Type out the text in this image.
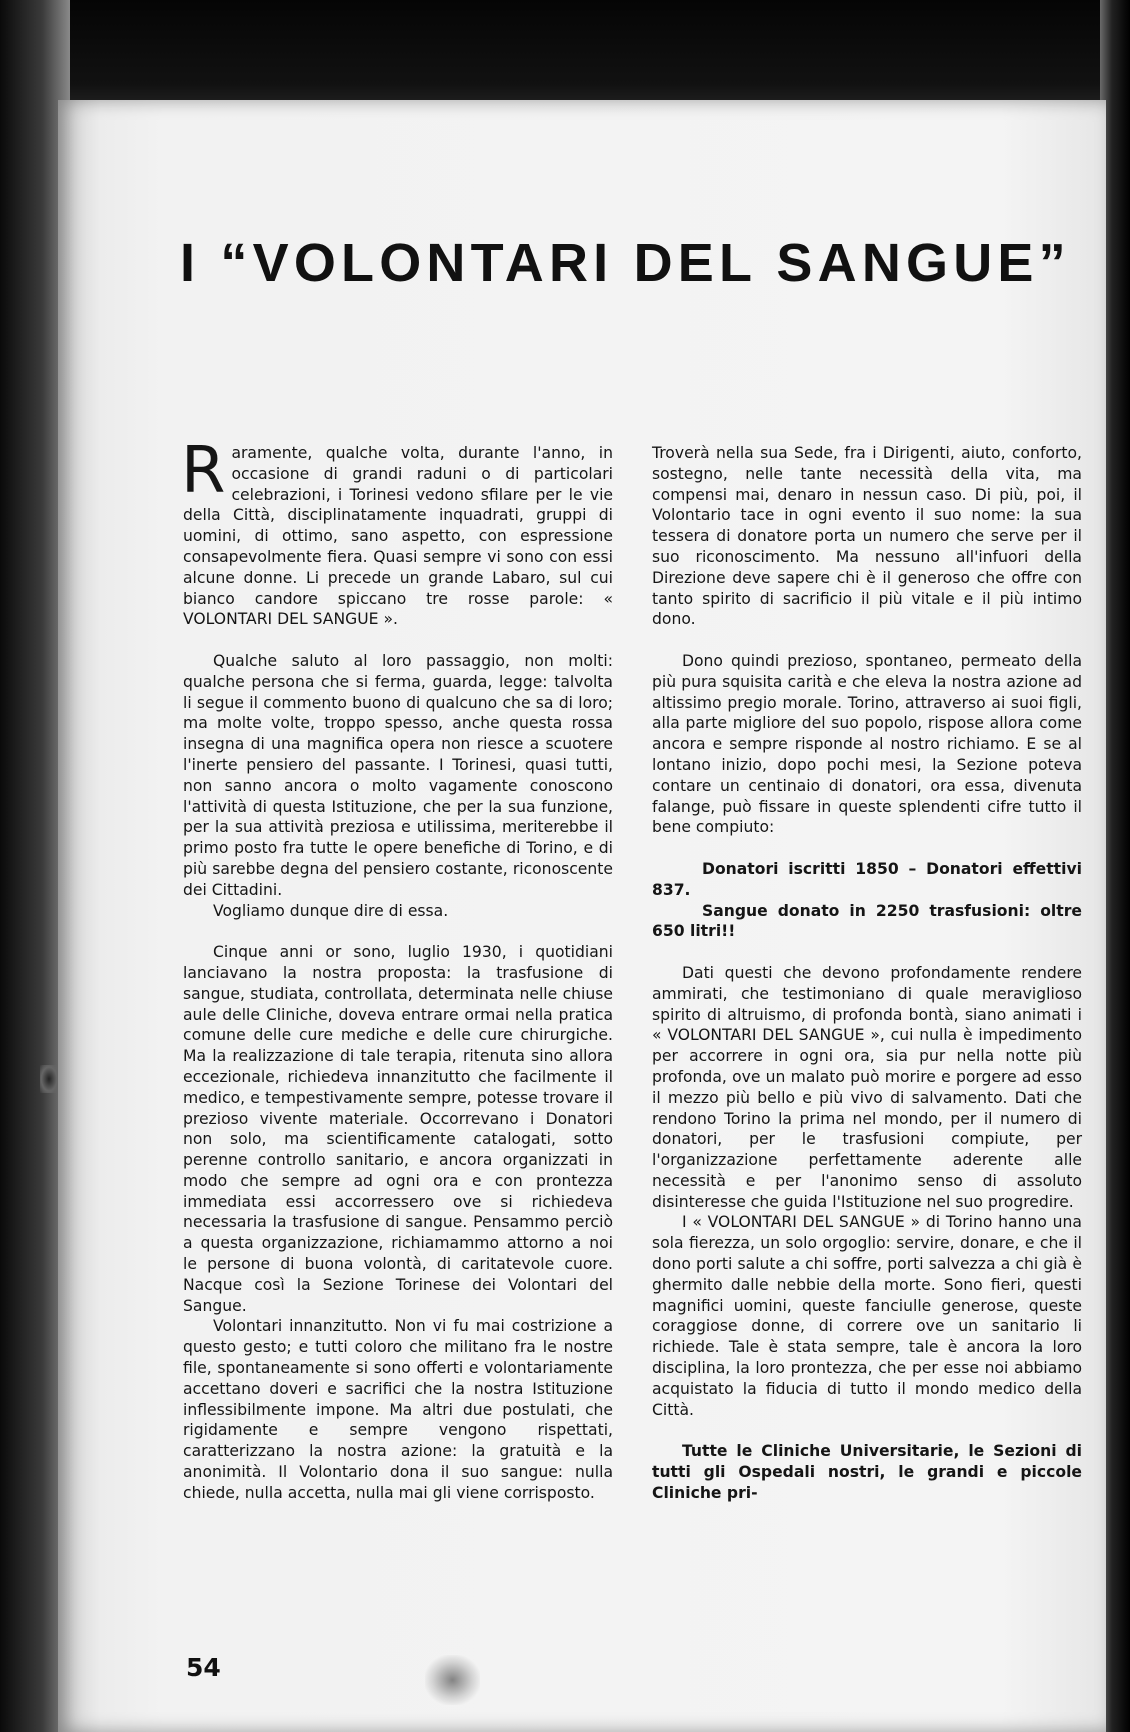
I “VOLONTARI DEL SANGUE”

Raramente, qualche volta, durante l'anno, in occasione di grandi raduni o di particolari celebrazioni, i Torinesi vedono sfilare per le vie della Città, disciplinatamente inquadrati, gruppi di uomini, di ottimo, sano aspetto, con espressione consapevolmente fiera. Quasi sempre vi sono con essi alcune donne. Li precede un grande Labaro, sul cui bianco candore spiccano tre rosse parole: « VOLONTARI DEL SANGUE ».

Qualche saluto al loro passaggio, non molti: qualche persona che si ferma, guarda, legge: talvolta li segue il commento buono di qualcuno che sa di loro; ma molte volte, troppo spesso, anche questa rossa insegna di una magnifica opera non riesce a scuotere l'inerte pensiero del passante. I Torinesi, quasi tutti, non sanno ancora o molto vagamente conoscono l'attività di questa Istituzione, che per la sua funzione, per la sua attività preziosa e utilissima, meriterebbe il primo posto fra tutte le opere benefiche di Torino, e di più sarebbe degna del pensiero costante, riconoscente dei Cittadini.

Vogliamo dunque dire di essa.

Cinque anni or sono, luglio 1930, i quotidiani lanciavano la nostra proposta: la trasfusione di sangue, studiata, controllata, determinata nelle chiuse aule delle Cliniche, doveva entrare ormai nella pratica comune delle cure mediche e delle cure chirurgiche. Ma la realizzazione di tale terapia, ritenuta sino allora eccezionale, richiedeva innanzitutto che facilmente il medico, e tempestivamente sempre, potesse trovare il prezioso vivente materiale. Occorrevano i Donatori non solo, ma scientificamente catalogati, sotto perenne controllo sanitario, e ancora organizzati in modo che sempre ad ogni ora e con prontezza immediata essi accorressero ove si richiedeva necessaria la trasfusione di sangue. Pensammo perciò a questa organizzazione, richiamammo attorno a noi le persone di buona volontà, di caritatevole cuore. Nacque così la Sezione Torinese dei Volontari del Sangue.

Volontari innanzitutto. Non vi fu mai costrizione a questo gesto; e tutti coloro che militano fra le nostre file, spontaneamente si sono offerti e volontariamente accettano doveri e sacrifici che la nostra Istituzione inflessibilmente impone. Ma altri due postulati, che rigidamente e sempre vengono rispettati, caratterizzano la nostra azione: la gratuità e la anonimità. Il Volontario dona il suo sangue: nulla chiede, nulla accetta, nulla mai gli viene corrisposto.

Troverà nella sua Sede, fra i Dirigenti, aiuto, conforto, sostegno, nelle tante necessità della vita, ma compensi mai, denaro in nessun caso. Di più, poi, il Volontario tace in ogni evento il suo nome: la sua tessera di donatore porta un numero che serve per il suo riconoscimento. Ma nessuno all'infuori della Direzione deve sapere chi è il generoso che offre con tanto spirito di sacrificio il più vitale e il più intimo dono.

Dono quindi prezioso, spontaneo, permeato della più pura squisita carità e che eleva la nostra azione ad altissimo pregio morale. Torino, attraverso ai suoi figli, alla parte migliore del suo popolo, rispose allora come ancora e sempre risponde al nostro richiamo. E se al lontano inizio, dopo pochi mesi, la Sezione poteva contare un centinaio di donatori, ora essa, divenuta falange, può fissare in queste splendenti cifre tutto il bene compiuto:

Donatori iscritti 1850 – Donatori effettivi 837.

Sangue donato in 2250 trasfusioni: oltre 650 litri!!

Dati questi che devono profondamente rendere ammirati, che testimoniano di quale meraviglioso spirito di altruismo, di profonda bontà, siano animati i « VOLONTARI DEL SANGUE », cui nulla è impedimento per accorrere in ogni ora, sia pur nella notte più profonda, ove un malato può morire e porgere ad esso il mezzo più bello e più vivo di salvamento. Dati che rendono Torino la prima nel mondo, per il numero di donatori, per le trasfusioni compiute, per l'organizzazione perfettamente aderente alle necessità e per l'anonimo senso di assoluto disinteresse che guida l'Istituzione nel suo progredire.

I « VOLONTARI DEL SANGUE » di Torino hanno una sola fierezza, un solo orgoglio: servire, donare, e che il dono porti salute a chi soffre, porti salvezza a chi già è ghermito dalle nebbie della morte. Sono fieri, questi magnifici uomini, queste fanciulle generose, queste coraggiose donne, di correre ove un sanitario li richiede. Tale è stata sempre, tale è ancora la loro disciplina, la loro prontezza, che per esse noi abbiamo acquistato la fiducia di tutto il mondo medico della Città.

Tutte le Cliniche Universitarie, le Sezioni di tutti gli Ospedali nostri, le grandi e piccole Cliniche pri-

54
